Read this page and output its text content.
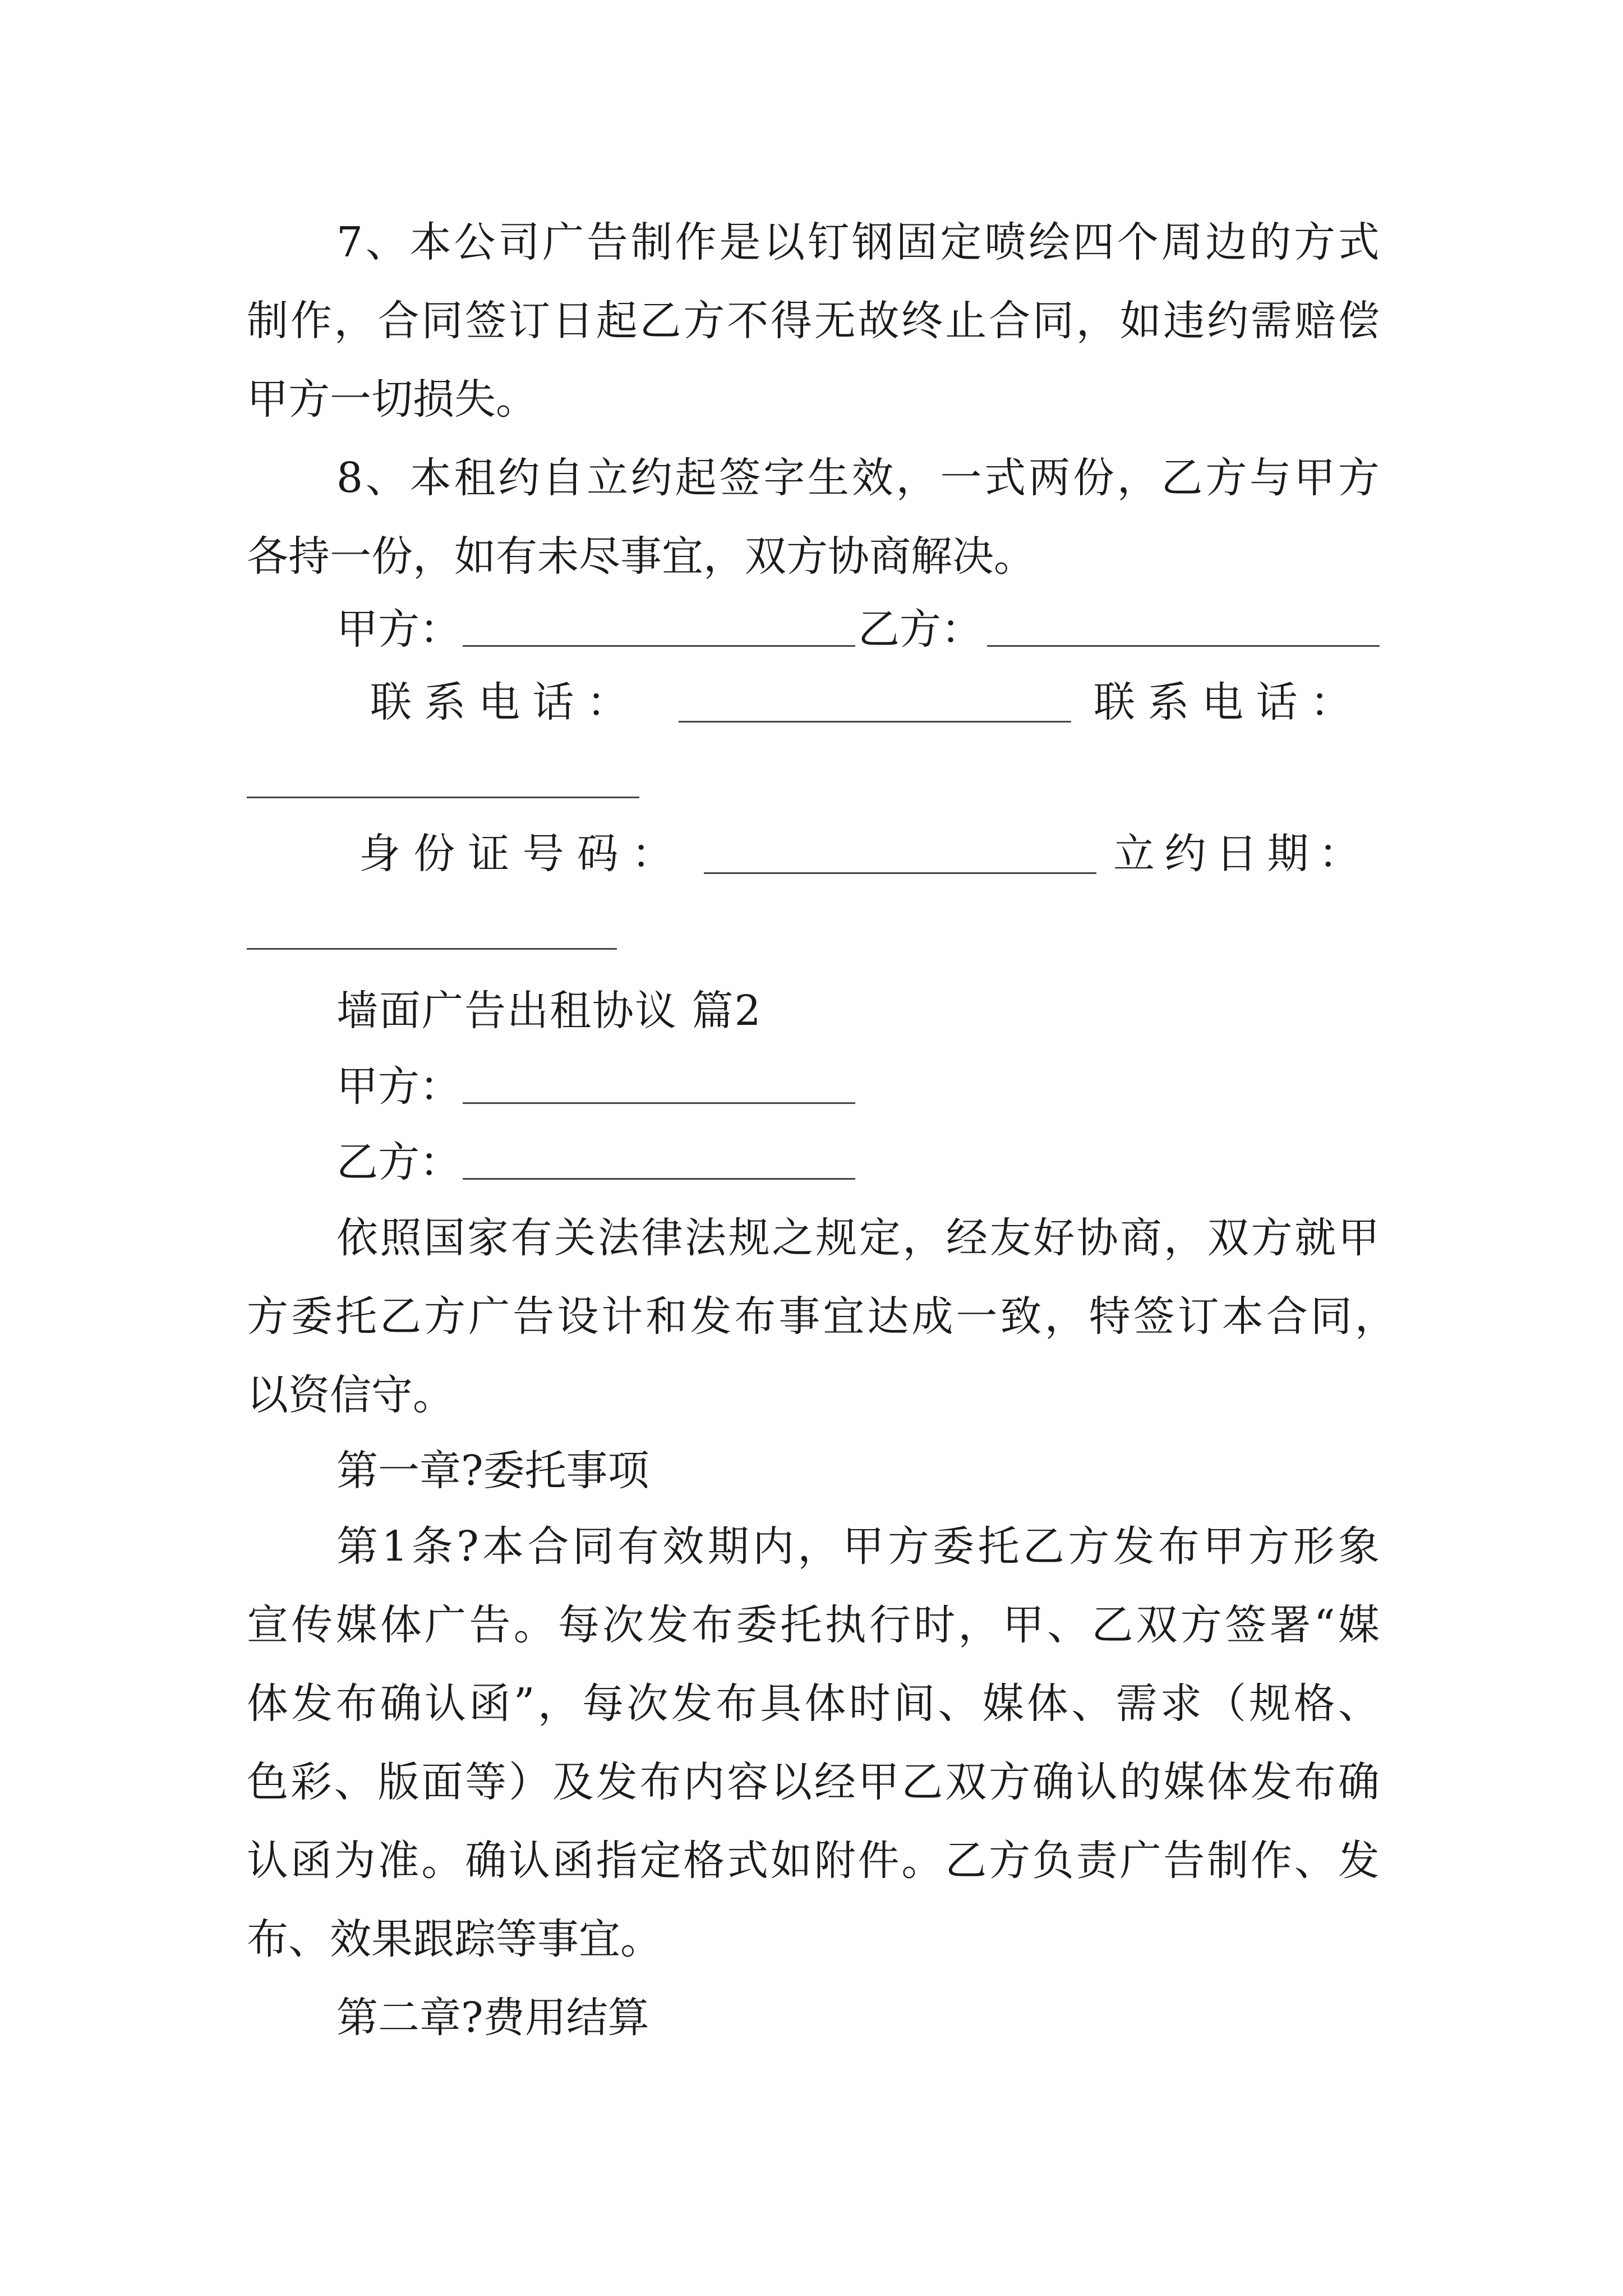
7 、 本 公 司 广 告 制 作 是 以 钉 钢 固 定 喷 绘 四 个 周 边 的 方 式
制 作 ， 合 同 签 订 日 起 乙 方 不 得 无 故 终 止 合 同 ， 如 违 约 需 赔 偿
甲方一切损失。
8 、 本 租 约 自 立 约 起 签 字 生 效 ， 一 式 两 份 ， 乙 方 与 甲 方
各持一份，如有未尽事宜，双方协商解决。
甲方：	乙方：
联 系 电 话 ：	联 系 电 话 ：
身 份 证 号 码 ：	立 约 日 期 ：
墙面广告出租协议 篇2
甲方：
乙方：
依 照 国 家 有 关 法 律 法 规 之 规 定 ， 经 友 好 协 商 ， 双 方 就 甲
方 委 托 乙 方 广 告 设 计 和 发 布 事 宜 达 成 一 致 ， 特 签 订 本 合 同 ，
以资信守。
第一章?委托事项
第 1 条 ? 本 合 同 有 效 期 内 ， 甲 方 委 托 乙 方 发 布 甲 方 形 象
宣 传 媒 体 广 告 。 每 次 发 布 委 托 执 行 时 ， 甲 、 乙 双 方 签 署 “ 媒
体 发 布 确 认 函 ” ， 每 次 发 布 具 体 时 间 、 媒 体 、 需 求 （ 规 格 、
色 彩 、 版 面 等 ） 及 发 布 内 容 以 经 甲 乙 双 方 确 认 的 媒 体 发 布 确
认 函 为 准 。 确 认 函 指 定 格 式 如 附 件 。 乙 方 负 责 广 告 制 作 、 发
布、效果跟踪等事宜。
第二章?费用结算
